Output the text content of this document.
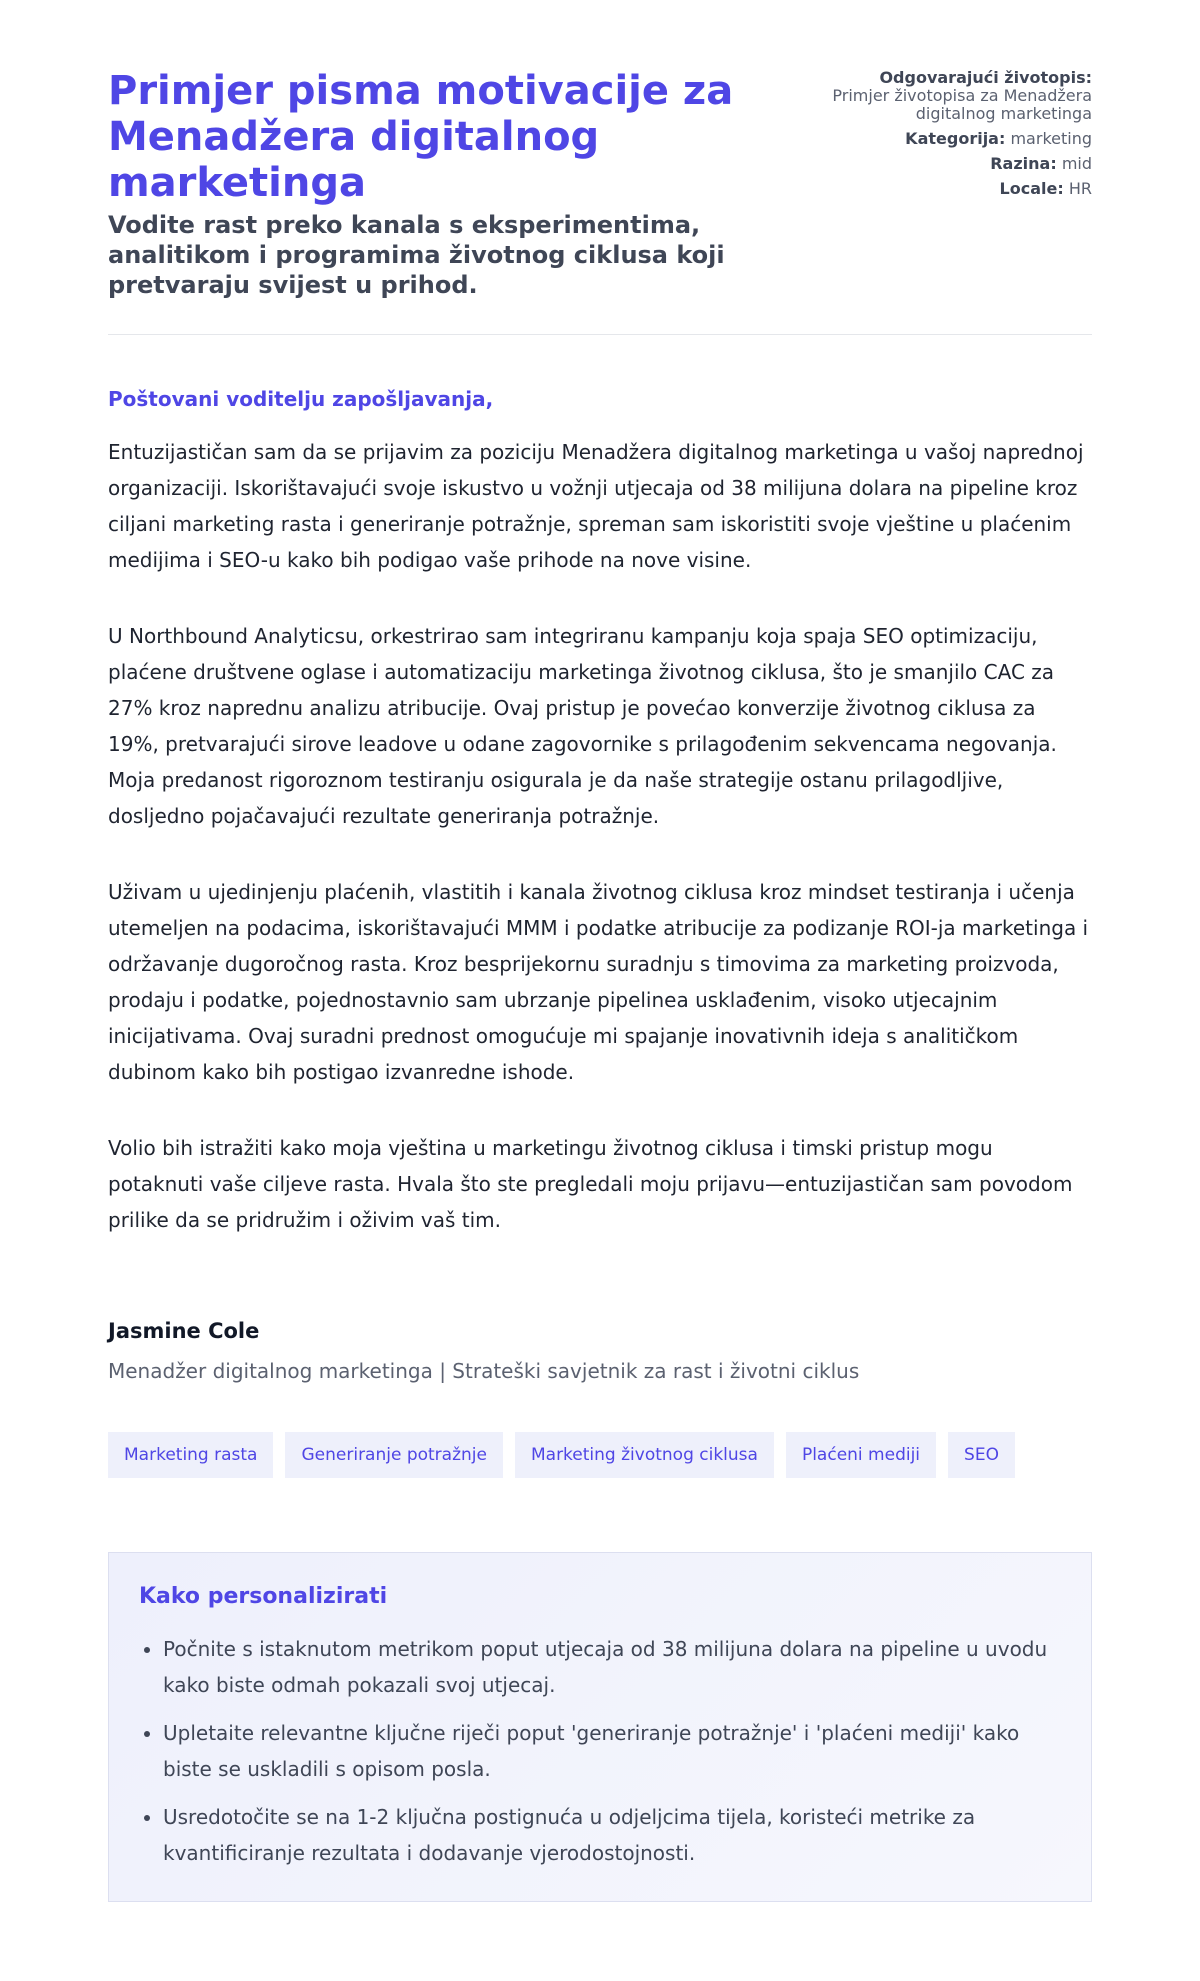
Primjer pisma motivacije za Menadžera digitalnog marketinga
Vodite rast preko kanala s eksperimentima, analitikom i programima životnog ciklusa koji pretvaraju svijest u prihod.
Odgovarajući životopis:
Primjer životopisa za Menadžera digitalnog marketinga
Kategorija: marketing
Razina: mid
Locale: HR
Poštovani voditelju zapošljavanja,

Entuzijastičan sam da se prijavim za poziciju Menadžera digitalnog marketinga u vašoj naprednoj organizaciji. Iskorištavajući svoje iskustvo u vožnji utjecaja od 38 milijuna dolara na pipeline kroz ciljani marketing rasta i generiranje potražnje, spreman sam iskoristiti svoje vještine u plaćenim medijima i SEO-u kako bih podigao vaše prihode na nove visine.

U Northbound Analyticsu, orkestrirao sam integriranu kampanju koja spaja SEO optimizaciju, plaćene društvene oglase i automatizaciju marketinga životnog ciklusa, što je smanjilo CAC za 27% kroz naprednu analizu atribucije. Ovaj pristup je povećao konverzije životnog ciklusa za 19%, pretvarajući sirove leadove u odane zagovornike s prilagođenim sekvencama negovanja. Moja predanost rigoroznom testiranju osigurala je da naše strategije ostanu prilagodljive, dosljedno pojačavajući rezultate generiranja potražnje.

Uživam u ujedinjenju plaćenih, vlastitih i kanala životnog ciklusa kroz mindset testiranja i učenja utemeljen na podacima, iskorištavajući MMM i podatke atribucije za podizanje ROI-ja marketinga i održavanje dugoročnog rasta. Kroz besprijekornu suradnju s timovima za marketing proizvoda, prodaju i podatke, pojednostavnio sam ubrzanje pipelinea usklađenim, visoko utjecajnim inicijativama. Ovaj suradni prednost omogućuje mi spajanje inovativnih ideja s analitičkom dubinom kako bih postigao izvanredne ishode.

Volio bih istražiti kako moja vještina u marketingu životnog ciklusa i timski pristup mogu potaknuti vaše ciljeve rasta. Hvala što ste pregledali moju prijavu—entuzijastičan sam povodom prilike da se pridružim i oživim vaš tim.

Jasmine Cole
Menadžer digitalnog marketinga | Strateški savjetnik za rast i životni ciklus
Marketing rasta	Generiranje potražnje	Marketing životnog ciklusa	Plaćeni mediji	SEO
Kako personalizirati
• Počnite s istaknutom metrikom poput utjecaja od 38 milijuna dolara na pipeline u uvodu kako biste odmah pokazali svoj utjecaj.
• Upletaite relevantne ključne riječi poput 'generiranje potražnje' i 'plaćeni mediji' kako biste se uskladili s opisom posla.
• Usredotočite se na 1-2 ključna postignuća u odjeljcima tijela, koristeći metrike za kvantificiranje rezultata i dodavanje vjerodostojnosti.
